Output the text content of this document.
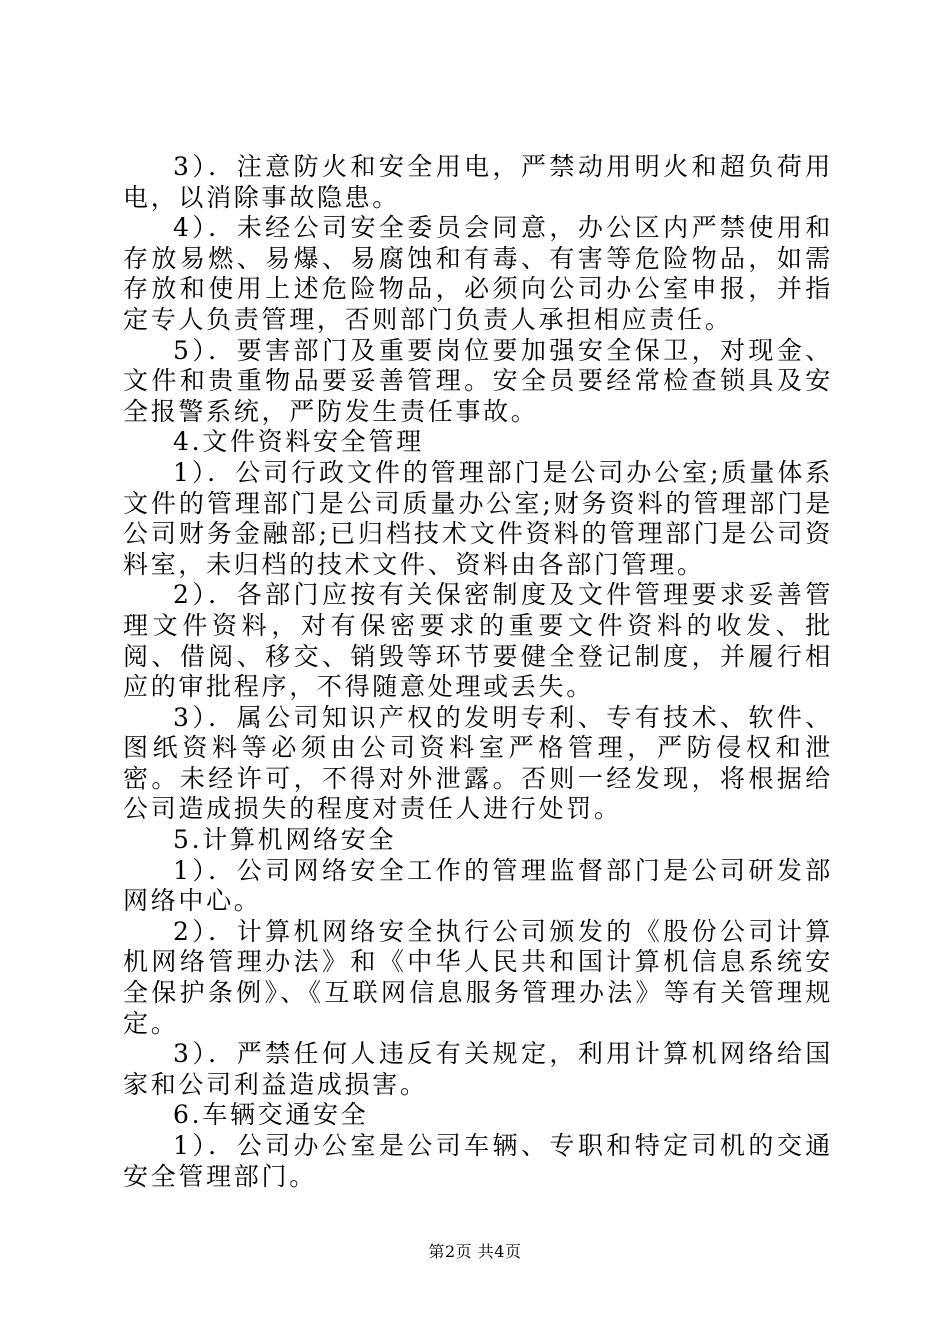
3）．注意防火和安全用电，严禁动用明火和超负荷用电，以消除事故隐患。

4）．未经公司安全委员会同意，办公区内严禁使用和存放易燃、易爆、易腐蚀和有毒、有害等危险物品，如需存放和使用上述危险物品，必须向公司办公室申报，并指定专人负责管理，否则部门负责人承担相应责任。

5）．要害部门及重要岗位要加强安全保卫，对现金、文件和贵重物品要妥善管理。安全员要经常检查锁具及安全报警系统，严防发生责任事故。

4.文件资料安全管理

1）．公司行政文件的管理部门是公司办公室;质量体系文件的管理部门是公司质量办公室;财务资料的管理部门是公司财务金融部;已归档技术文件资料的管理部门是公司资料室，未归档的技术文件、资料由各部门管理。

2）．各部门应按有关保密制度及文件管理要求妥善管理文件资料，对有保密要求的重要文件资料的收发、批阅、借阅、移交、销毁等环节要健全登记制度，并履行相应的审批程序，不得随意处理或丢失。

3）．属公司知识产权的发明专利、专有技术、软件、图纸资料等必须由公司资料室严格管理，严防侵权和泄密。未经许可，不得对外泄露。否则一经发现，将根据给公司造成损失的程度对责任人进行处罚。

5.计算机网络安全

1）．公司网络安全工作的管理监督部门是公司研发部网络中心。

2）．计算机网络安全执行公司颁发的《股份公司计算机网络管理办法》和《中华人民共和国计算机信息系统安全保护条例》、《互联网信息服务管理办法》等有关管理规定。

3）．严禁任何人违反有关规定，利用计算机网络给国家和公司利益造成损害。

6.车辆交通安全

1）．公司办公室是公司车辆、专职和特定司机的交通安全管理部门。

第2页 共4页
